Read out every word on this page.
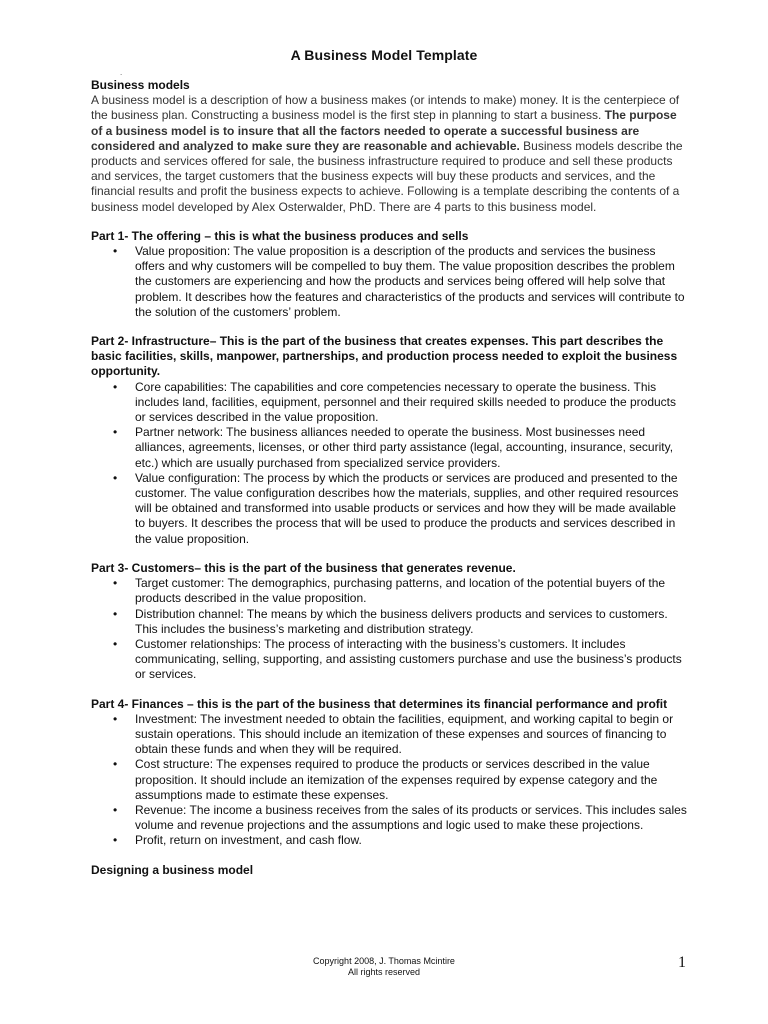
A Business Model Template
.

Business models

A business model is a description of how a business makes (or intends to make) money. It is the centerpiece of the business plan. Constructing a business model is the first step in planning to start a business. The purpose of a business model is to insure that all the factors needed to operate a successful business are considered and analyzed to make sure they are reasonable and achievable. Business models describe the products and services offered for sale, the business infrastructure required to produce and sell these products and services, the target customers that the business expects will buy these products and services, and the financial results and profit the business expects to achieve. Following is a template describing the contents of a business model developed by Alex Osterwalder, PhD. There are 4 parts to this business model.

Part 1- The offering – this is what the business produces and sells

• Value proposition: The value proposition is a description of the products and services the business offers and why customers will be compelled to buy them. The value proposition describes the problem the customers are experiencing and how the products and services being offered will help solve that problem. It describes how the features and characteristics of the products and services will contribute to the solution of the customers’ problem.

Part 2- Infrastructure– This is the part of the business that creates expenses. This part describes the basic facilities, skills, manpower, partnerships, and production process needed to exploit the business opportunity.

• Core capabilities: The capabilities and core competencies necessary to operate the business. This includes land, facilities, equipment, personnel and their required skills needed to produce the products or services described in the value proposition.
• Partner network: The business alliances needed to operate the business. Most businesses need alliances, agreements, licenses, or other third party assistance (legal, accounting, insurance, security, etc.) which are usually purchased from specialized service providers.
• Value configuration: The process by which the products or services are produced and presented to the customer. The value configuration describes how the materials, supplies, and other required resources will be obtained and transformed into usable products or services and how they will be made available to buyers. It describes the process that will be used to produce the products and services described in the value proposition.

Part 3- Customers– this is the part of the business that generates revenue.

• Target customer: The demographics, purchasing patterns, and location of the potential buyers of the products described in the value proposition.
• Distribution channel: The means by which the business delivers products and services to customers. This includes the business’s marketing and distribution strategy.
• Customer relationships: The process of interacting with the business’s customers. It includes communicating, selling, supporting, and assisting customers purchase and use the business’s products or services.

Part 4- Finances – this is the part of the business that determines its financial performance and profit

• Investment: The investment needed to obtain the facilities, equipment, and working capital to begin or sustain operations. This should include an itemization of these expenses and sources of financing to obtain these funds and when they will be required.
• Cost structure: The expenses required to produce the products or services described in the value proposition. It should include an itemization of the expenses required by expense category and the assumptions made to estimate these expenses.
• Revenue: The income a business receives from the sales of its products or services. This includes sales volume and revenue projections and the assumptions and logic used to make these projections.
• Profit, return on investment, and cash flow.

Designing a business model

Copyright 2008, J. Thomas Mcintire
All rights reserved
1
